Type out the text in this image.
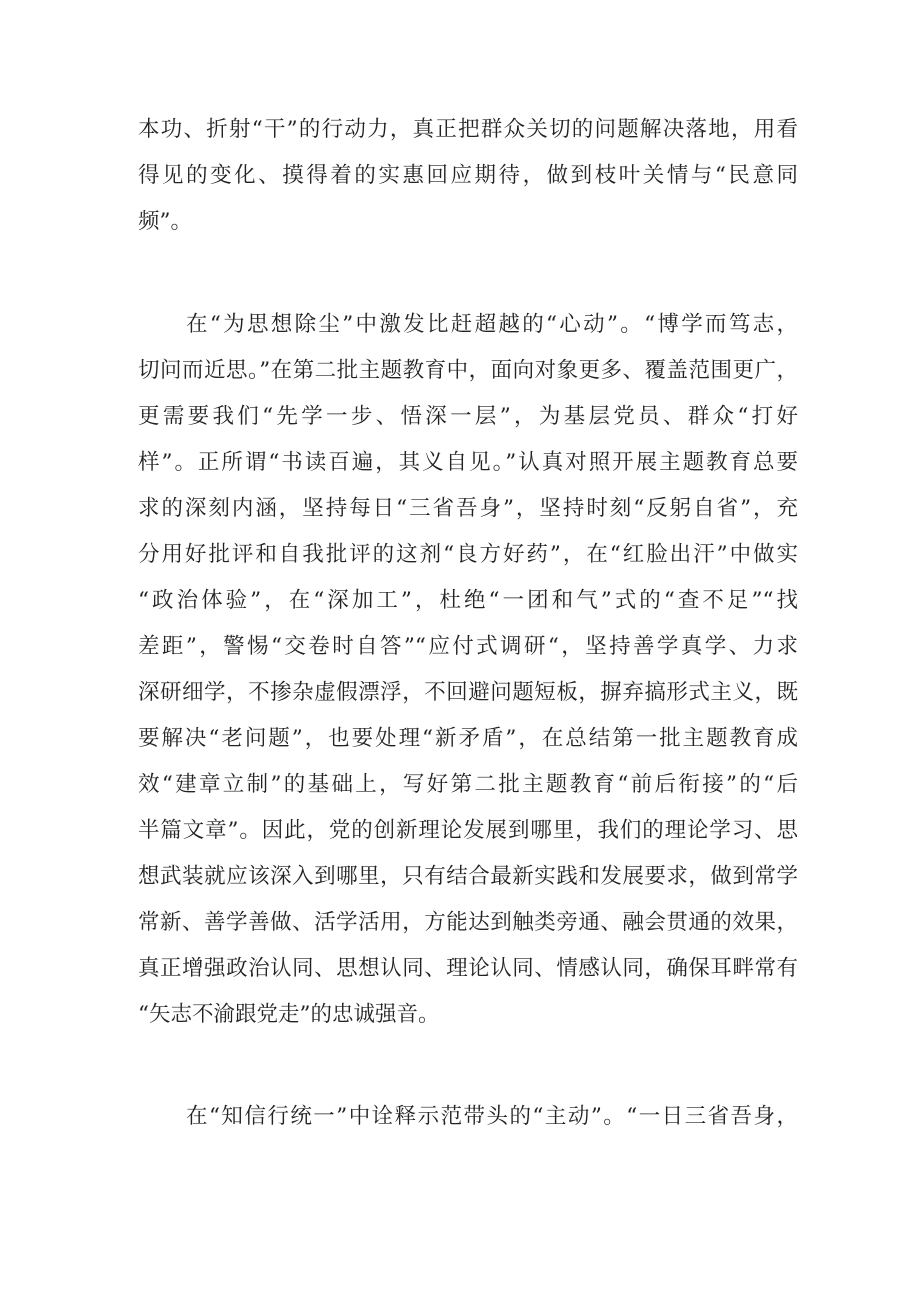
本功、折射“干”的行动力，真正把群众关切的问题解决落地，用看

得见的变化、摸得着的实惠回应期待，做到枝叶关情与“民意同

频”。

在“为思想除尘”中激发比赶超越的“心动”。“博学而笃志，

切问而近思。”在第二批主题教育中，面向对象更多、覆盖范围更广，

更需要我们“先学一步、悟深一层”，为基层党员、群众“打好

样”。正所谓“书读百遍，其义自见。”认真对照开展主题教育总要

求的深刻内涵，坚持每日“三省吾身”，坚持时刻“反躬自省”，充

分用好批评和自我批评的这剂“良方好药”，在“红脸出汗”中做实

“政治体验”，在“深加工”，杜绝“一团和气”式的“查不足”“找

差距”，警惕“交卷时自答”“应付式调研“，坚持善学真学、力求

深研细学，不掺杂虚假漂浮，不回避问题短板，摒弃搞形式主义，既

要解决“老问题”，也要处理“新矛盾”，在总结第一批主题教育成

效“建章立制”的基础上，写好第二批主题教育“前后衔接”的“后

半篇文章”。因此，党的创新理论发展到哪里，我们的理论学习、思

想武装就应该深入到哪里，只有结合最新实践和发展要求，做到常学

常新、善学善做、活学活用，方能达到触类旁通、融会贯通的效果，

真正增强政治认同、思想认同、理论认同、情感认同，确保耳畔常有

“矢志不渝跟党走”的忠诚强音。

在“知信行统一”中诠释示范带头的“主动”。“一日三省吾身，
